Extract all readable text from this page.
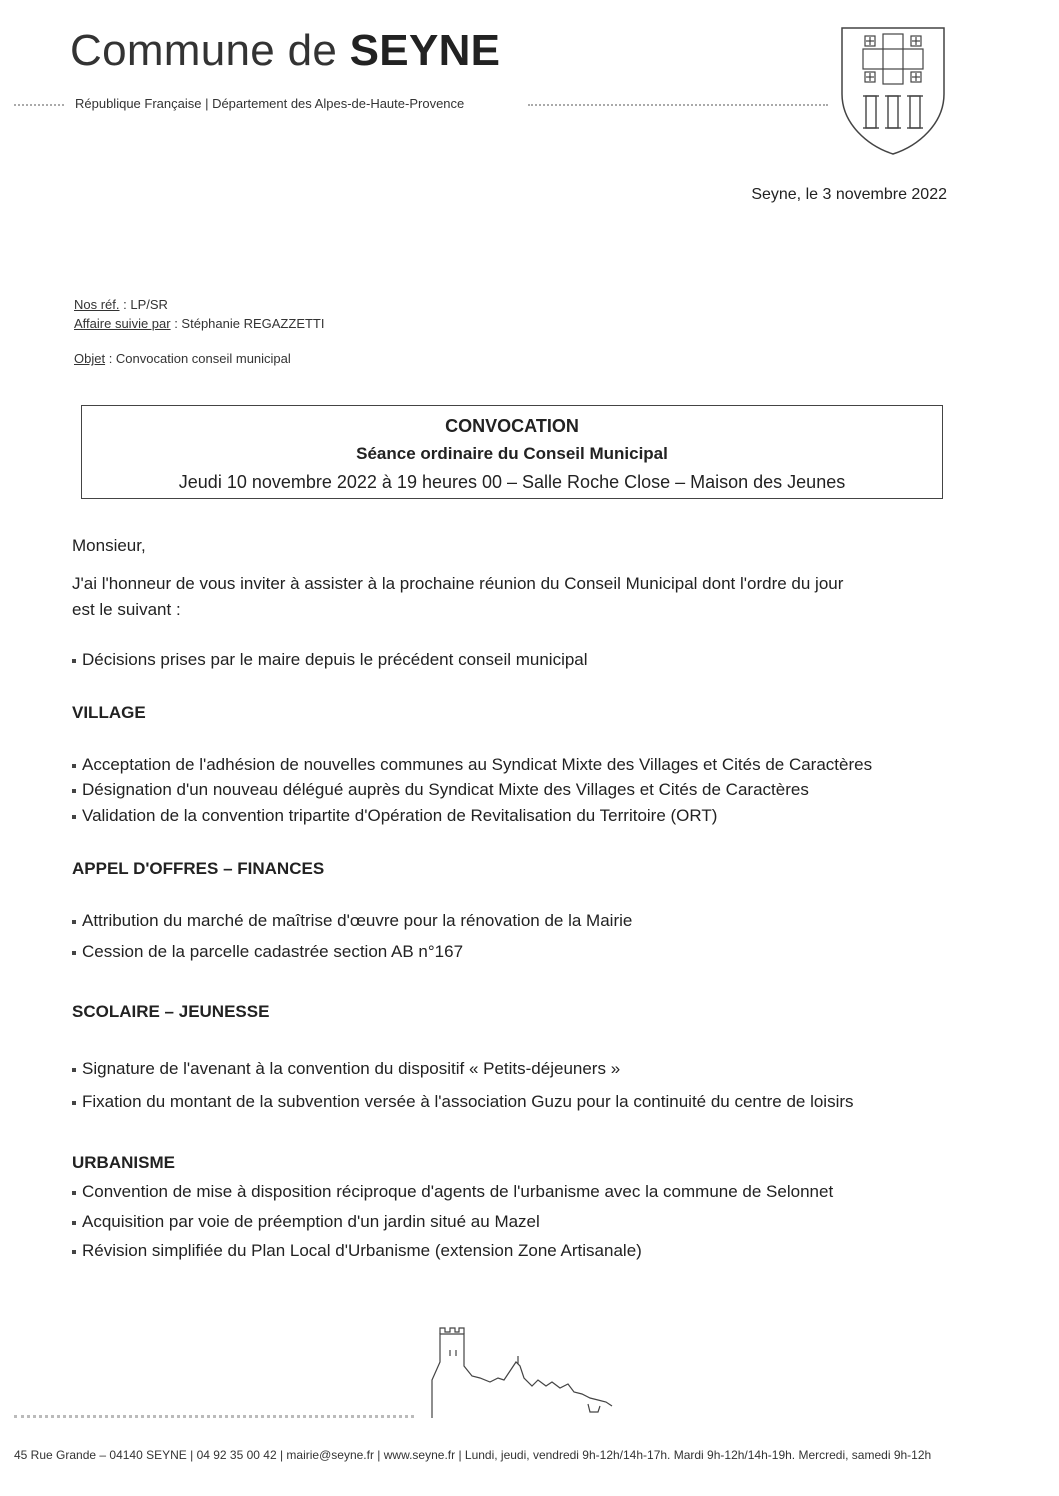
Commune de SEYNE
République Française | Département des Alpes-de-Haute-Provence
Seyne, le 3 novembre 2022
Nos réf. : LP/SR
Affaire suivie par : Stéphanie REGAZZETTI
Objet : Convocation conseil municipal
CONVOCATION
Séance ordinaire du Conseil Municipal
Jeudi 10 novembre 2022 à 19 heures 00 – Salle Roche Close – Maison des Jeunes
Monsieur,
J'ai l'honneur de vous inviter à assister à la prochaine réunion du Conseil Municipal dont l'ordre du jour
est le suivant :
Décisions prises par le maire depuis le précédent conseil municipal
VILLAGE
Acceptation de l'adhésion de nouvelles communes au Syndicat Mixte des Villages et Cités de Caractères
Désignation d'un nouveau délégué auprès du Syndicat Mixte des Villages et Cités de Caractères
Validation de la convention tripartite d'Opération de Revitalisation du Territoire (ORT)
APPEL D'OFFRES – FINANCES
Attribution du marché de maîtrise d'œuvre pour la rénovation de la Mairie
Cession de la parcelle cadastrée section AB n°167
SCOLAIRE – JEUNESSE
Signature de l'avenant à la convention du dispositif « Petits-déjeuners »
Fixation du montant de la subvention versée à l'association Guzu pour la continuité du centre de loisirs
URBANISME
Convention de mise à disposition réciproque d'agents de l'urbanisme avec la commune de Selonnet
Acquisition par voie de préemption d'un jardin situé au Mazel
Révision simplifiée du Plan Local d'Urbanisme (extension Zone Artisanale)
45 Rue Grande – 04140 SEYNE | 04 92 35 00 42 | mairie@seyne.fr | www.seyne.fr | Lundi, jeudi, vendredi 9h-12h/14h-17h. Mardi 9h-12h/14h-19h. Mercredi, samedi 9h-12h
